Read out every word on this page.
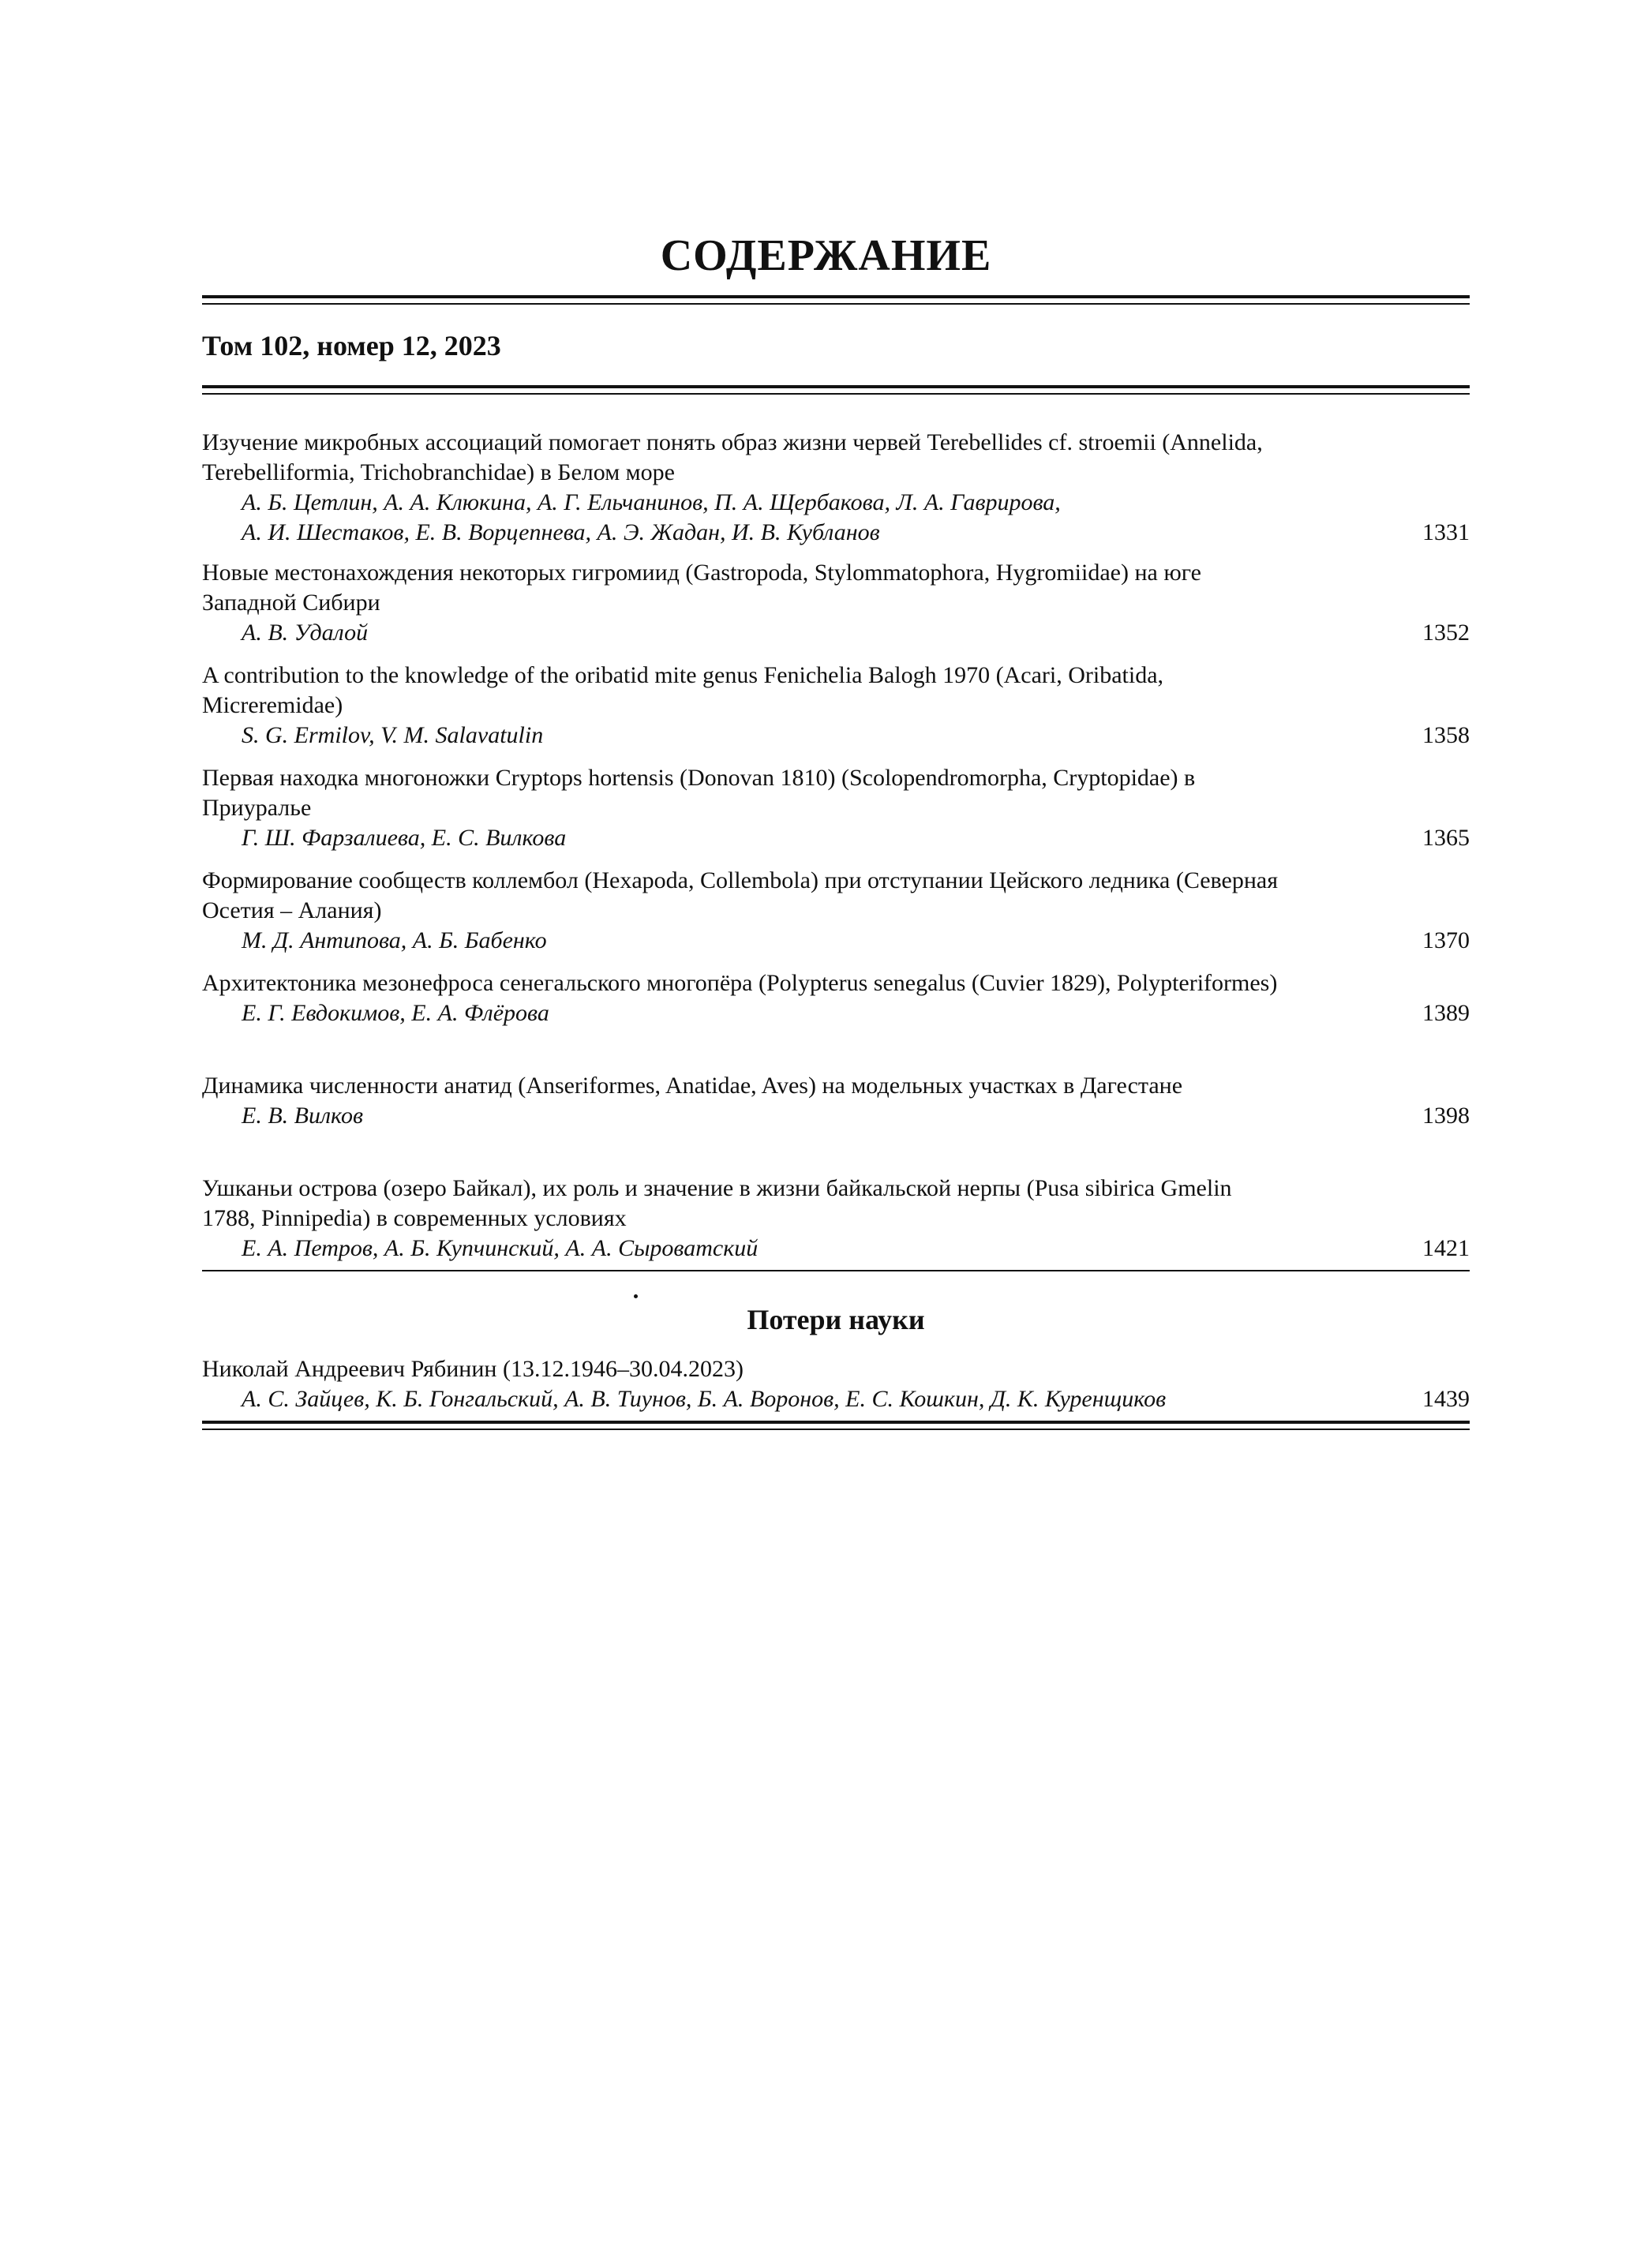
СОДЕРЖАНИЕ
Том 102, номер 12, 2023
Изучение микробных ассоциаций помогает понять образ жизни червей Terebellides cf. stroemii (Annelida, Terebelliformia, Trichobranchidae) в Белом море
А. Б. Цетлин, А. А. Клюкина, А. Г. Ельчанинов, П. А. Щербакова, Л. А. Гаврирова,
А. И. Шестаков, Е. В. Ворцепнева, А. Э. Жадан, И. В. Кубланов	1331
Новые местонахождения некоторых гигромиид (Gastropoda, Stylommatophora, Hygromiidae) на юге Западной Сибири
А. В. Удалой	1352
A contribution to the knowledge of the oribatid mite genus Fenichelia Balogh 1970 (Acari, Oribatida, Micreremidae)
S. G. Ermilov, V. M. Salavatulin	1358
Первая находка многоножки Cryptops hortensis (Donovan 1810) (Scolopendromorpha, Cryptopidae) в Приуралье
Г. Ш. Фарзалиева, Е. С. Вилкова	1365
Формирование сообществ коллембол (Hexapoda, Collembola) при отступании Цейского ледника (Северная Осетия – Алания)
М. Д. Антипова, А. Б. Бабенко	1370
Архитектоника мезонефроса сенегальского многопёра (Polypterus senegalus (Cuvier 1829), Polypteriformes)
Е. Г. Евдокимов, Е. А. Флёрова	1389
Динамика численности анатид (Anseriformes, Anatidae, Aves) на модельных участках в Дагестане
Е. В. Вилков	1398
Ушканьи острова (озеро Байкал), их роль и значение в жизни байкальской нерпы (Pusa sibirica Gmelin 1788, Pinnipedia) в современных условиях
Е. А. Петров, А. Б. Купчинский, А. А. Сыроватский	1421
Потери науки
Николай Андреевич Рябинин (13.12.1946–30.04.2023)
А. С. Зайцев, К. Б. Гонгальский, А. В. Тиунов, Б. А. Воронов, Е. С. Кошкин, Д. К. Куренщиков	1439
